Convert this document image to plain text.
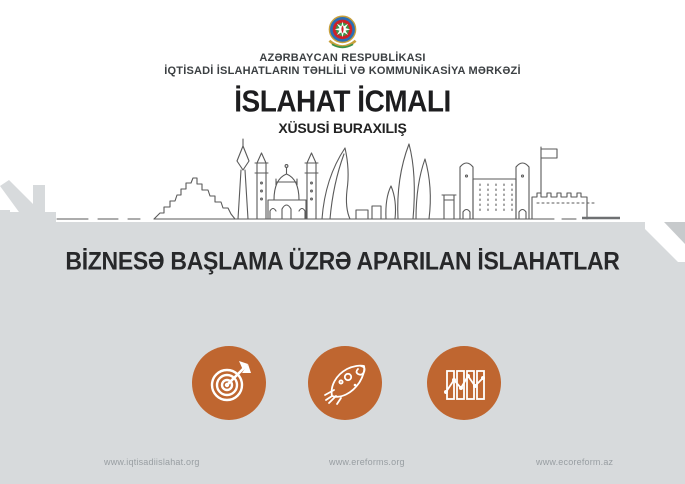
AZƏRBAYCAN RESPUBLİKASI
İQTİSADİ İSLAHATLARIN TƏHLİLİ VƏ KOMMUNİKASİYA MƏRKƏZİ
İSLAHAT İCMALI
XÜSUSİ BURAXILIŞ
BİZNESƏ BAŞLAMA ÜZRƏ APARILAN İSLAHATLAR
www.iqtisadiislahat.org	www.ereforms.org	www.ecoreform.az
